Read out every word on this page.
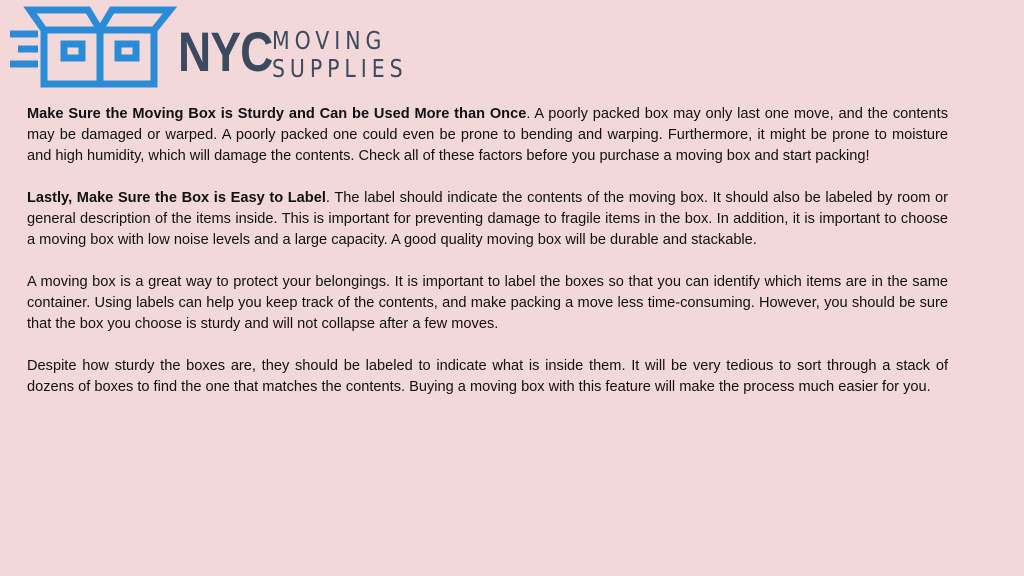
NYC MOVING
SUPPLIES

Make Sure the Moving Box is Sturdy and Can be Used More than Once. A poorly packed box may only last one move, and the contents may be damaged or warped. A poorly packed one could even be prone to bending and warping. Furthermore, it might be prone to moisture and high humidity, which will damage the contents. Check all of these factors before you purchase a moving box and start packing!

Lastly, Make Sure the Box is Easy to Label. The label should indicate the contents of the moving box. It should also be labeled by room or general description of the items inside. This is important for preventing damage to fragile items in the box. In addition, it is important to choose a moving box with low noise levels and a large capacity. A good quality moving box will be durable and stackable.

A moving box is a great way to protect your belongings. It is important to label the boxes so that you can identify which items are in the same container. Using labels can help you keep track of the contents, and make packing a move less time-consuming. However, you should be sure that the box you choose is sturdy and will not collapse after a few moves.

Despite how sturdy the boxes are, they should be labeled to indicate what is inside them. It will be very tedious to sort through a stack of dozens of boxes to find the one that matches the contents. Buying a moving box with this feature will make the process much easier for you.
